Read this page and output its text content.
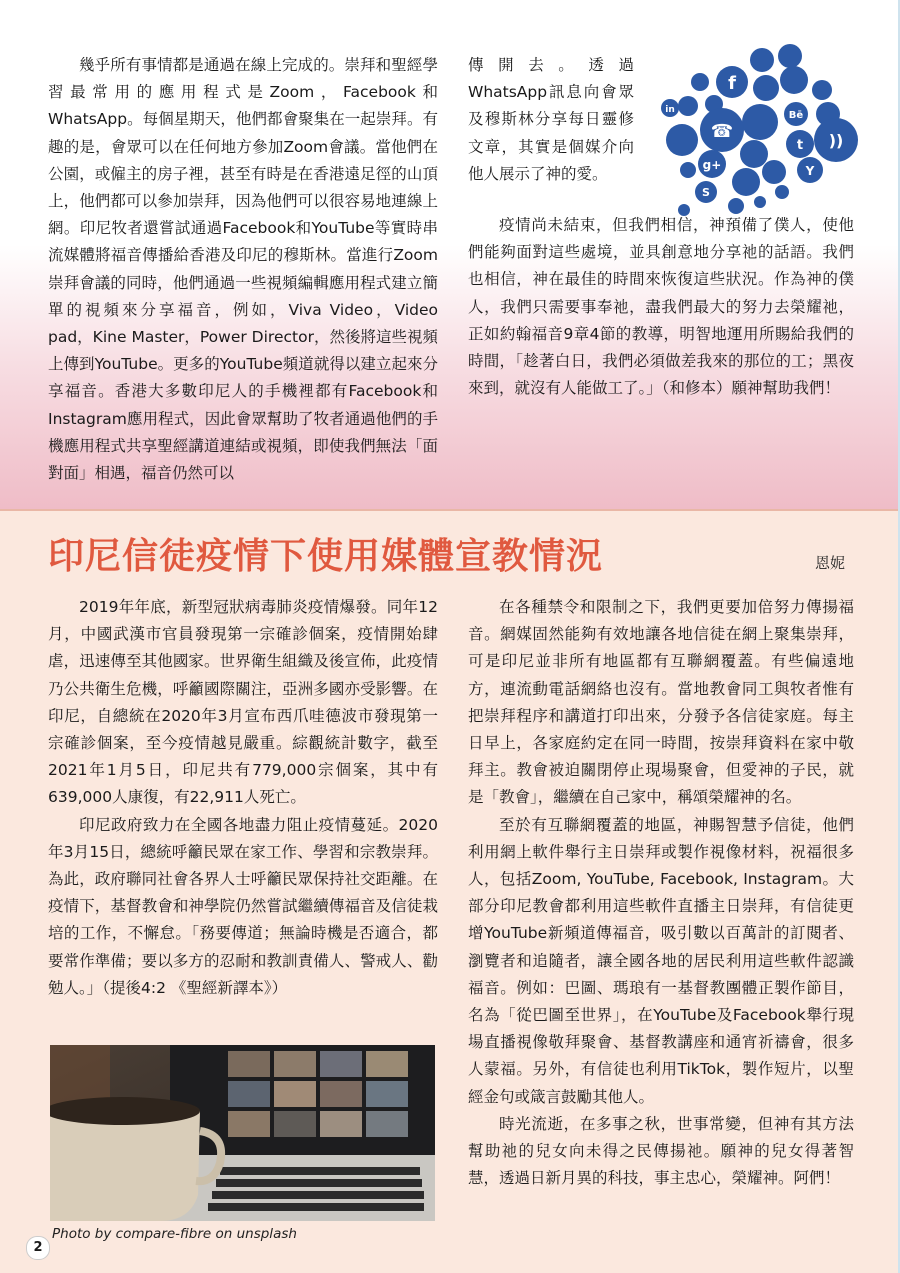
幾乎所有事情都是通過在線上完成的。崇拜和聖經學習最常用的應用程式是Zoom，Facebook和WhatsApp。每個星期天，他們都會聚集在一起崇拜。有趣的是，會眾可以在任何地方參加Zoom會議。當他們在公園，或僱主的房子裡，甚至有時是在香港遠足徑的山頂上，他們都可以參加崇拜，因為他們可以很容易地連線上網。印尼牧者還嘗試通過Facebook和YouTube等實時串流媒體將福音傳播給香港及印尼的穆斯林。當進行Zoom崇拜會議的同時，他們通過一些視頻編輯應用程式建立簡單的視頻來分享福音，例如，Viva Video，Video pad，Kine Master，Power Director，然後將這些視頻上傳到YouTube。更多的YouTube頻道就得以建立起來分享福音。香港大多數印尼人的手機裡都有Facebook和Instagram應用程式，因此會眾幫助了牧者通過他們的手機應用程式共享聖經講道連結或視頻，即使我們無法「面對面」相遇，福音仍然可以

傳開去。透過WhatsApp訊息向會眾及穆斯林分享每日靈修文章，其實是個媒介向他人展示了神的愛。

f
g+
t ))
☎
in	Bē
Y
S

疫情尚未結束，但我們相信，神預備了僕人，使他們能夠面對這些處境，並具創意地分享祂的話語。我們也相信，神在最佳的時間來恢復這些狀況。作為神的僕人，我們只需要事奉祂，盡我們最大的努力去榮耀祂，正如約翰福音9章4節的教導，明智地運用所賜給我們的時間，「趁著白日，我們必須做差我來的那位的工；黑夜來到，就沒有人能做工了。」（和修本）願神幫助我們！

印尼信徒疫情下使用媒體宣教情況	恩妮

2019年年底，新型冠狀病毒肺炎疫情爆發。同年12月，中國武漢市官員發現第一宗確診個案，疫情開始肆虐，迅速傳至其他國家。世界衛生組織及後宣佈，此疫情乃公共衛生危機，呼籲國際關注，亞洲多國亦受影響。在印尼，自總統在2020年3月宣布西爪哇德波市發現第一宗確診個案，至今疫情越見嚴重。綜觀統計數字，截至2021年1月5日，印尼共有779,000宗個案，其中有639,000人康復，有22,911人死亡。

印尼政府致力在全國各地盡力阻止疫情蔓延。2020年3月15日，總統呼籲民眾在家工作、學習和宗教崇拜。為此，政府聯同社會各界人士呼籲民眾保持社交距離。在疫情下，基督教會和神學院仍然嘗試繼續傳福音及信徒栽培的工作，不懈怠。「務要傳道；無論時機是否適合，都要常作準備；要以多方的忍耐和教訓責備人、警戒人、勸勉人。」（提後4:2 《聖經新譯本》）

Photo by compare-fibre on unsplash

在各種禁令和限制之下，我們更要加倍努力傳揚福音。網媒固然能夠有效地讓各地信徒在網上聚集崇拜，可是印尼並非所有地區都有互聯網覆蓋。有些偏遠地方，連流動電話網絡也沒有。當地教會同工與牧者惟有把崇拜程序和講道打印出來，分發予各信徒家庭。每主日早上，各家庭約定在同一時間，按崇拜資料在家中敬拜主。教會被迫關閉停止現場聚會，但愛神的子民，就是「教會」，繼續在自己家中，稱頌榮耀神的名。

至於有互聯網覆蓋的地區，神賜智慧予信徒，他們利用網上軟件舉行主日崇拜或製作視像材料，祝福很多人，包括Zoom, YouTube, Facebook, Instagram。大部分印尼教會都利用這些軟件直播主日崇拜，有信徒更增YouTube新頻道傳福音，吸引數以百萬計的訂閱者、瀏覽者和追隨者，讓全國各地的居民利用這些軟件認識福音。例如：巴圖、瑪琅有一基督教團體正製作節目，名為「從巴圖至世界」，在YouTube及Facebook舉行現場直播視像敬拜聚會、基督教講座和通宵祈禱會，很多人蒙福。另外，有信徒也利用TikTok，製作短片，以聖經金句或箴言鼓勵其他人。

時光流逝，在多事之秋，世事常變，但神有其方法幫助祂的兒女向未得之民傳揚祂。願神的兒女得著智慧，透過日新月異的科技，事主忠心，榮耀神。阿們！

2
